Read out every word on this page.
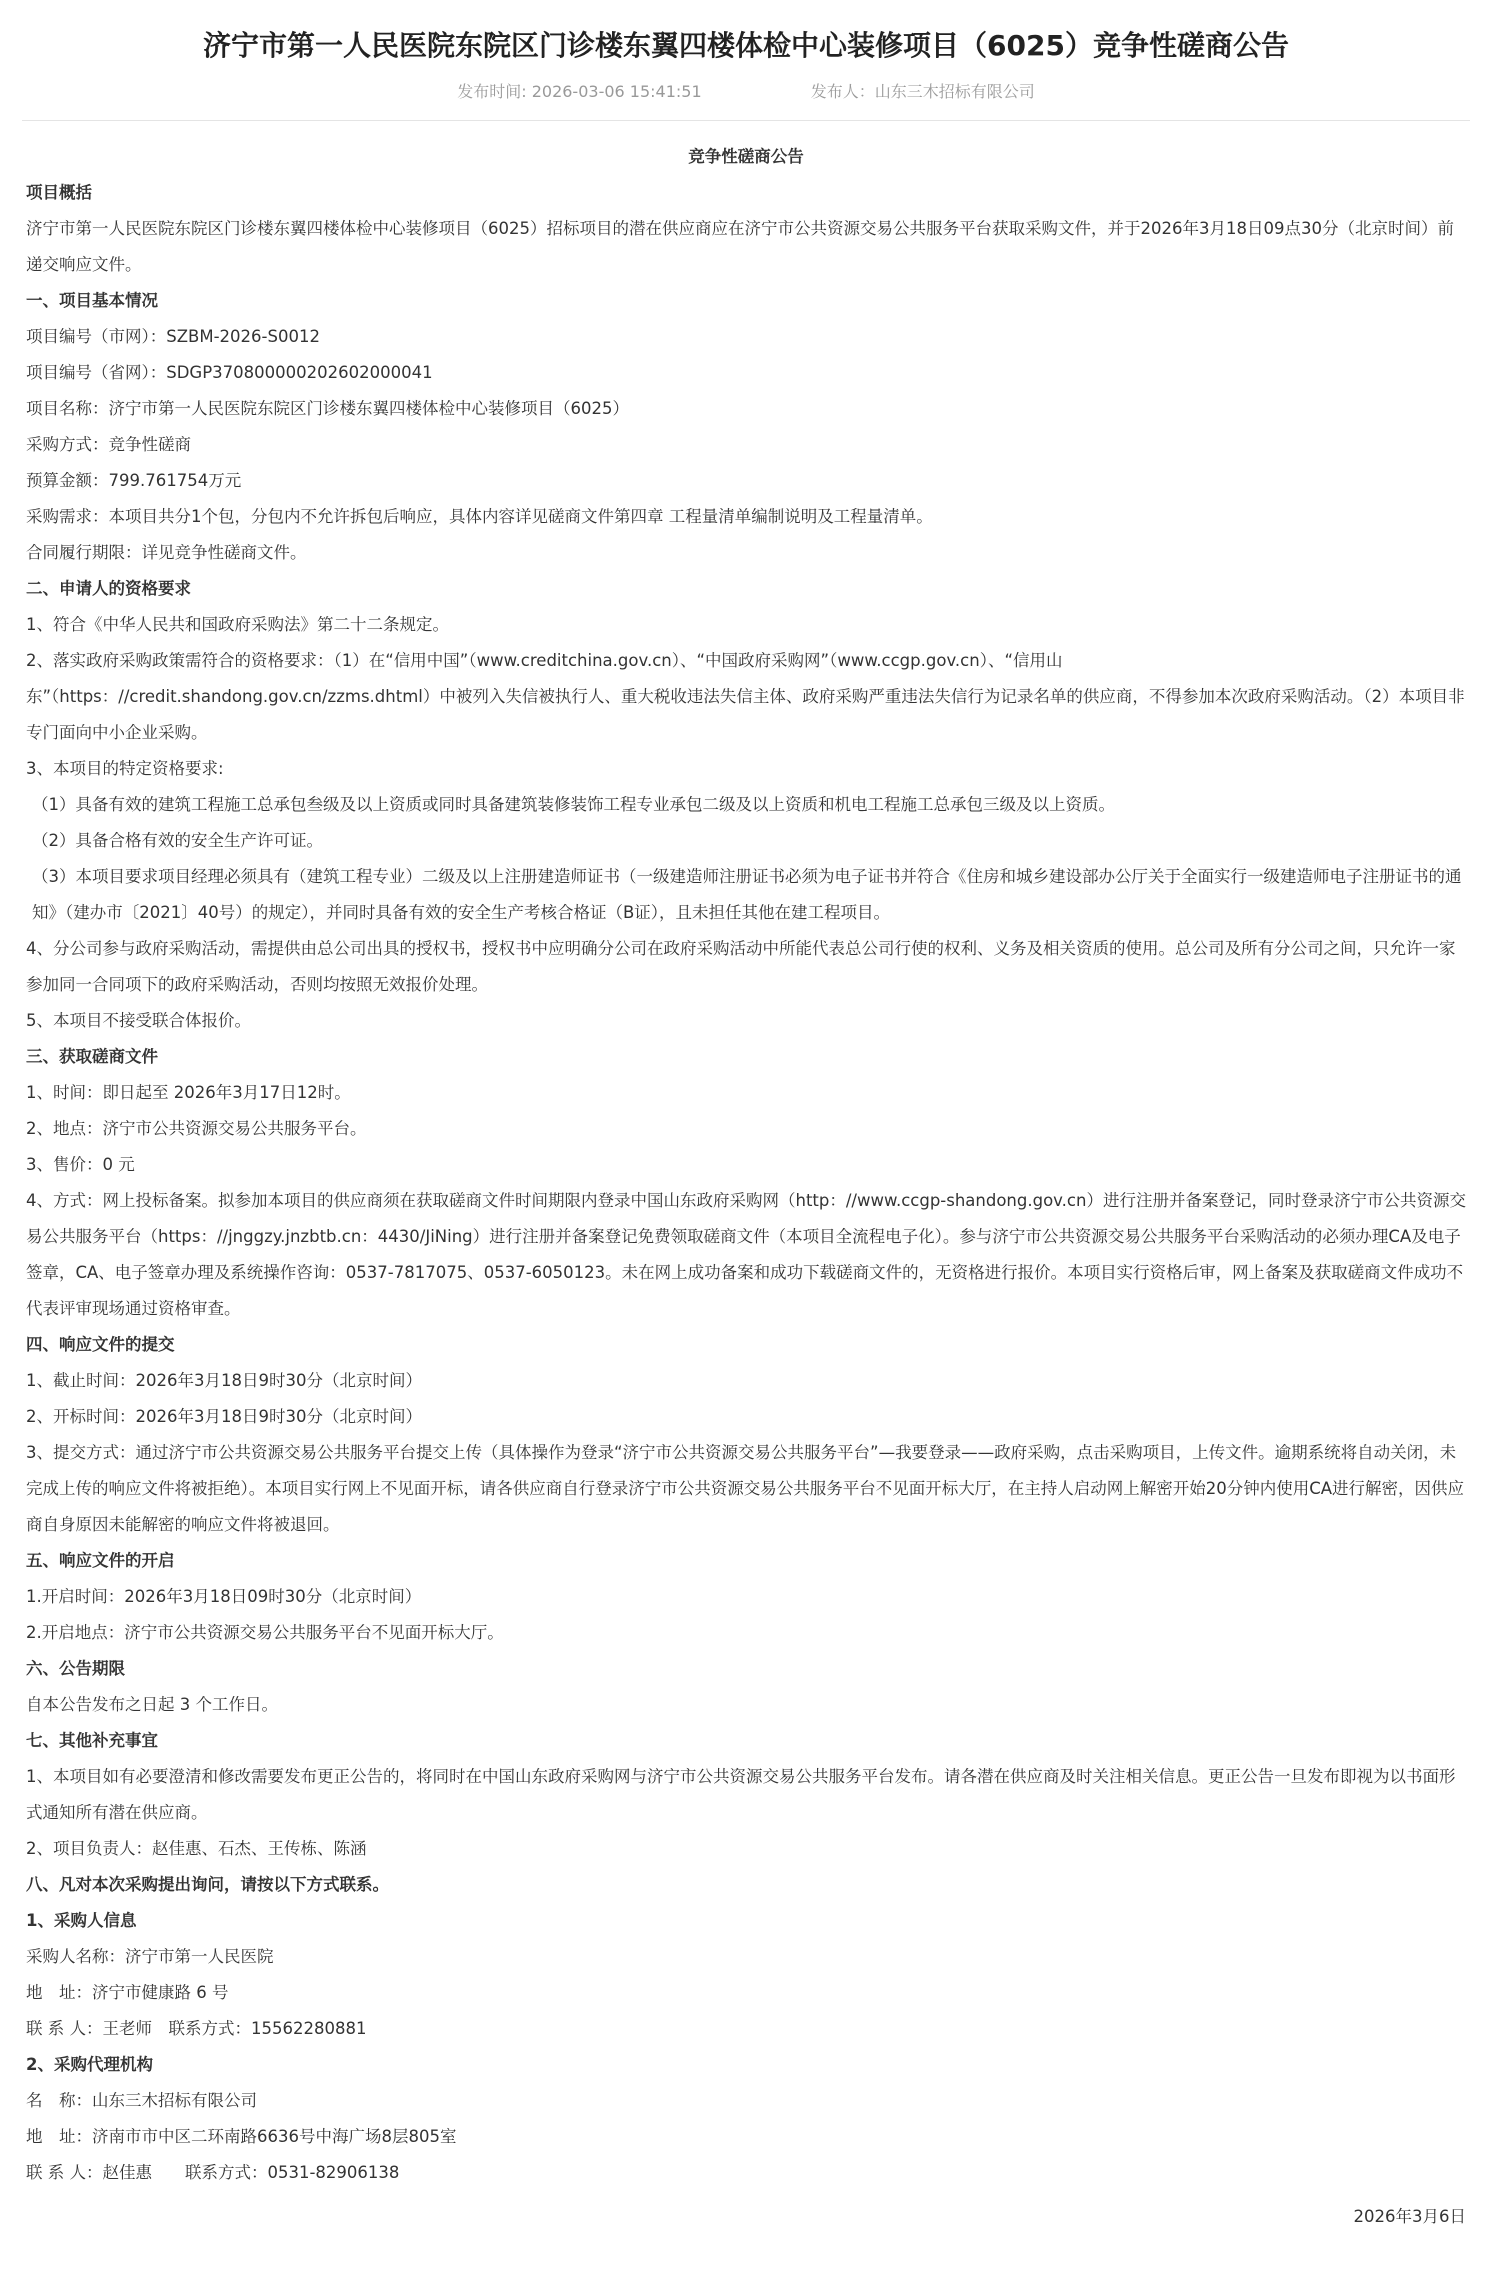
济宁市第一人民医院东院区门诊楼东翼四楼体检中心装修项目（6025）竞争性磋商公告
发布时间: 2026-03-06 15:41:51	发布人：山东三木招标有限公司
竞争性磋商公告

项目概括

济宁市第一人民医院东院区门诊楼东翼四楼体检中心装修项目（6025）招标项目的潜在供应商应在济宁市公共资源交易公共服务平台获取采购文件，并于2026年3月18日09点30分（北京时间）前递交响应文件。

一、项目基本情况

项目编号（市网）：SZBM-2026-S0012

项目编号（省网）：SDGP370800000202602000041

项目名称：济宁市第一人民医院东院区门诊楼东翼四楼体检中心装修项目（6025）

采购方式：竞争性磋商

预算金额：799.761754万元

采购需求：本项目共分1个包，分包内不允许拆包后响应，具体内容详见磋商文件第四章 工程量清单编制说明及工程量清单。

合同履行期限：详见竞争性磋商文件。

二、申请人的资格要求

1、符合《中华人民共和国政府采购法》第二十二条规定。

2、落实政府采购政策需符合的资格要求：（1）在“信用中国”（www.creditchina.gov.cn）、“中国政府采购网”（www.ccgp.gov.cn）、“信用山东”（https：//credit.shandong.gov.cn/zzms.dhtml）中被列入失信被执行人、重大税收违法失信主体、政府采购严重违法失信行为记录名单的供应商，不得参加本次政府采购活动。（2）本项目非专门面向中小企业采购。

3、本项目的特定资格要求:

（1）具备有效的建筑工程施工总承包叁级及以上资质或同时具备建筑装修装饰工程专业承包二级及以上资质和机电工程施工总承包三级及以上资质。

（2）具备合格有效的安全生产许可证。

（3）本项目要求项目经理必须具有（建筑工程专业）二级及以上注册建造师证书（一级建造师注册证书必须为电子证书并符合《住房和城乡建设部办公厅关于全面实行一级建造师电子注册证书的通知》（建办市〔2021〕40号）的规定），并同时具备有效的安全生产考核合格证（B证），且未担任其他在建工程项目。

4、分公司参与政府采购活动，需提供由总公司出具的授权书，授权书中应明确分公司在政府采购活动中所能代表总公司行使的权利、义务及相关资质的使用。总公司及所有分公司之间，只允许一家参加同一合同项下的政府采购活动，否则均按照无效报价处理。

5、本项目不接受联合体报价。

三、获取磋商文件

1、时间：即日起至 2026年3月17日12时。

2、地点：济宁市公共资源交易公共服务平台。

3、售价：0 元

4、方式：网上投标备案。拟参加本项目的供应商须在获取磋商文件时间期限内登录中国山东政府采购网（http：//www.ccgp-shandong.gov.cn）进行注册并备案登记，同时登录济宁市公共资源交易公共服务平台（https：//jnggzy.jnzbtb.cn：4430/JiNing）进行注册并备案登记免费领取磋商文件（本项目全流程电子化）。参与济宁市公共资源交易公共服务平台采购活动的必须办理CA及电子签章，CA、电子签章办理及系统操作咨询：0537-7817075、0537-6050123。未在网上成功备案和成功下载磋商文件的，无资格进行报价。本项目实行资格后审，网上备案及获取磋商文件成功不代表评审现场通过资格审查。

四、响应文件的提交

1、截止时间：2026年3月18日9时30分（北京时间）

2、开标时间：2026年3月18日9时30分（北京时间）

3、提交方式：通过济宁市公共资源交易公共服务平台提交上传（具体操作为登录“济宁市公共资源交易公共服务平台”—我要登录——政府采购，点击采购项目，上传文件。逾期系统将自动关闭，未完成上传的响应文件将被拒绝）。本项目实行网上不见面开标，请各供应商自行登录济宁市公共资源交易公共服务平台不见面开标大厅，在主持人启动网上解密开始20分钟内使用CA进行解密，因供应商自身原因未能解密的响应文件将被退回。

五、响应文件的开启

1.开启时间：2026年3月18日09时30分（北京时间）

2.开启地点：济宁市公共资源交易公共服务平台不见面开标大厅。

六、公告期限

自本公告发布之日起 3 个工作日。

七、其他补充事宜

1、本项目如有必要澄清和修改需要发布更正公告的，将同时在中国山东政府采购网与济宁市公共资源交易公共服务平台发布。请各潜在供应商及时关注相关信息。更正公告一旦发布即视为以书面形式通知所有潜在供应商。

2、项目负责人：赵佳惠、石杰、王传栋、陈涵

八、凡对本次采购提出询问，请按以下方式联系。

1、采购人信息

采购人名称：济宁市第一人民医院

地　址：济宁市健康路 6 号

联 系 人：王老师　联系方式：15562280881

2、采购代理机构

名　称：山东三木招标有限公司

地　址：济南市市中区二环南路6636号中海广场8层805室

联 系 人：赵佳惠　　联系方式：0531-82906138

2026年3月6日
